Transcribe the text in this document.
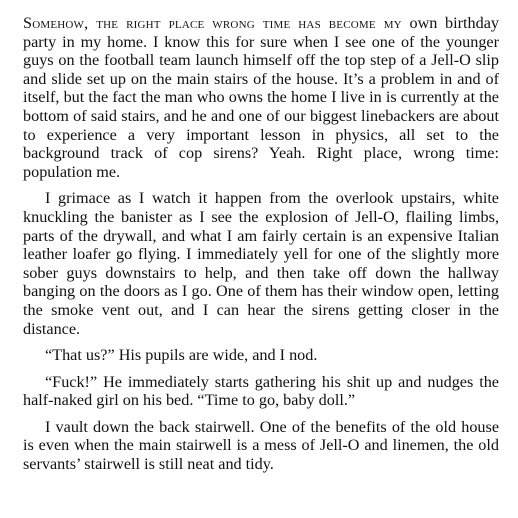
Somehow, the right place wrong time has become my own birthday party in my home. I know this for sure when I see one of the younger guys on the football team launch himself off the top step of a Jell-O slip and slide set up on the main stairs of the house. It’s a problem in and of itself, but the fact the man who owns the home I live in is currently at the bottom of said stairs, and he and one of our biggest linebackers are about to experience a very important lesson in physics, all set to the background track of cop sirens? Yeah. Right place, wrong time: population me.

I grimace as I watch it happen from the overlook upstairs, white knuckling the banister as I see the explosion of Jell-O, flailing limbs, parts of the drywall, and what I am fairly certain is an expensive Italian leather loafer go flying. I immediately yell for one of the slightly more sober guys downstairs to help, and then take off down the hallway banging on the doors as I go. One of them has their window open, letting the smoke vent out, and I can hear the sirens getting closer in the distance.

“That us?” His pupils are wide, and I nod.

“Fuck!” He immediately starts gathering his shit up and nudges the half-naked girl on his bed. “Time to go, baby doll.”

I vault down the back stairwell. One of the benefits of the old house is even when the main stairwell is a mess of Jell-O and linemen, the old servants’ stairwell is still neat and tidy.
